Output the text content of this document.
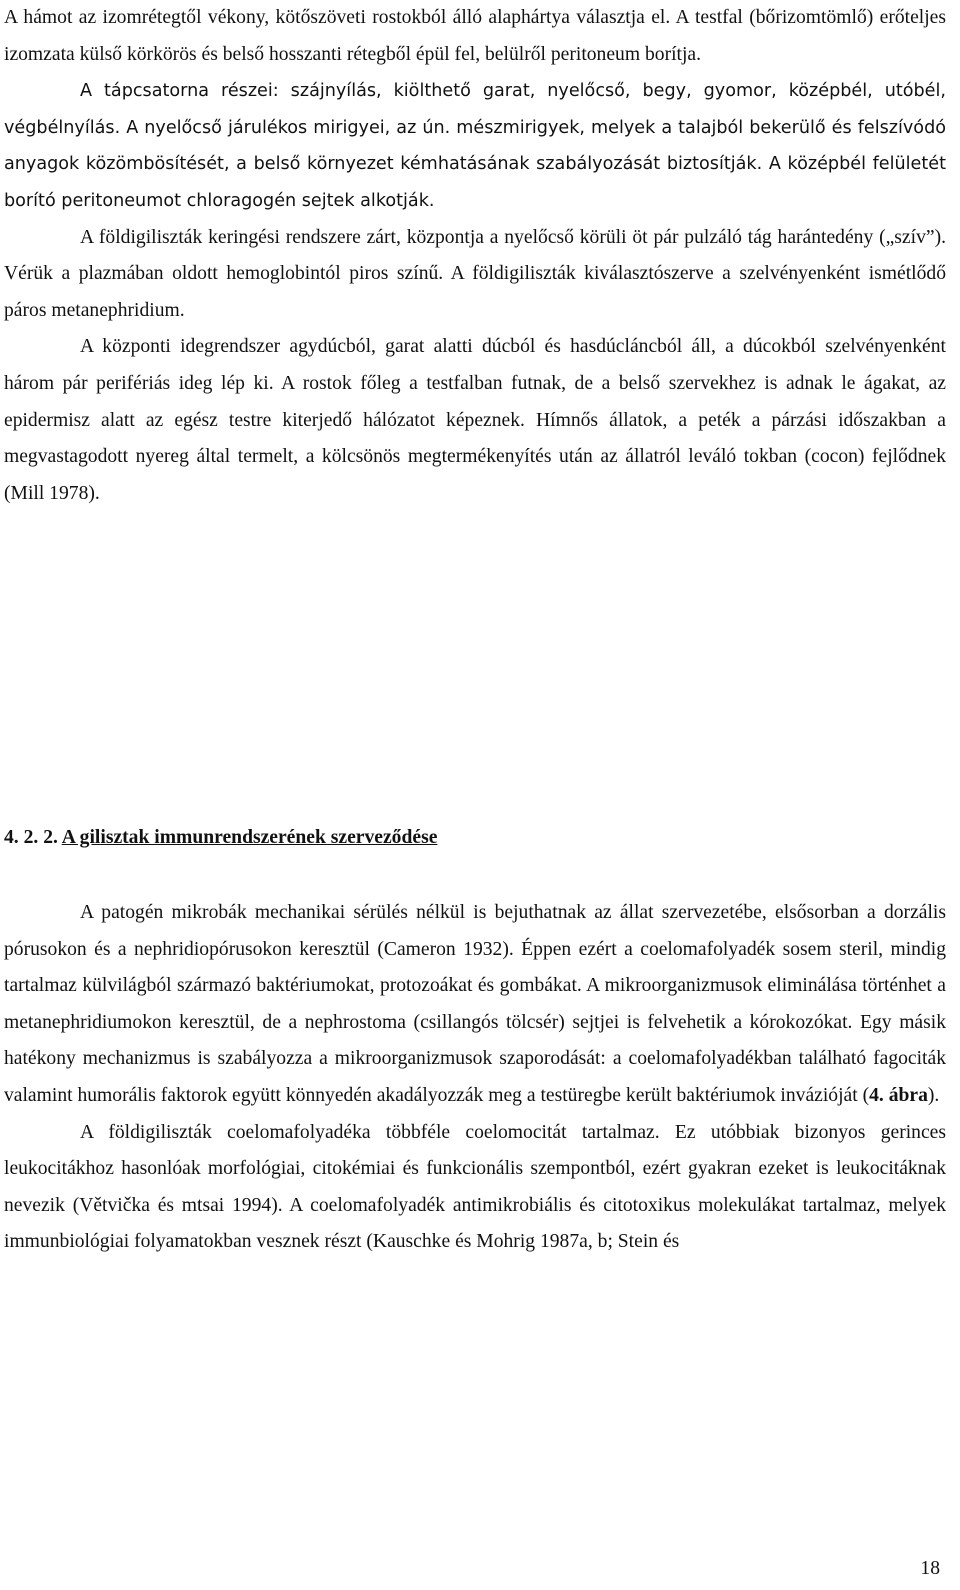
A hámot az izomrétegtől vékony, kötőszöveti rostokból álló alaphártya választja el. A testfal (bőrizomtömlő) erőteljes izomzata külső körkörös és belső hosszanti rétegből épül fel, belülről peritoneum borítja.

A tápcsatorna részei: szájnyílás, kiölthető garat, nyelőcső, begy, gyomor, középbél, utóbél, végbélnyílás. A nyelőcső járulékos mirigyei, az ún. mészmirigyek, melyek a talajból bekerülő és felszívódó anyagok közömbösítését, a belső környezet kémhatásának szabályozását biztosítják. A középbél felületét borító peritoneumot chloragogén sejtek alkotják.

A földigiliszták keringési rendszere zárt, központja a nyelőcső körüli öt pár pulzáló tág harántedény („szív”). Vérük a plazmában oldott hemoglobintól piros színű. A földigiliszták kiválasztószerve a szelvényenként ismétlődő páros metanephridium.

A központi idegrendszer agydúcból, garat alatti dúcból és hasdúcláncból áll, a dúcokból szelvényenként három pár perifériás ideg lép ki. A rostok főleg a testfalban futnak, de a belső szervekhez is adnak le ágakat, az epidermisz alatt az egész testre kiterjedő hálózatot képeznek. Hímnős állatok, a peték a párzási időszakban a megvastagodott nyereg által termelt, a kölcsönös megtermékenyítés után az állatról leváló tokban (cocon) fejlődnek (Mill 1978).

4. 2. 2. A gilisztak immunrendszerének szerveződése

A patogén mikrobák mechanikai sérülés nélkül is bejuthatnak az állat szervezetébe, elsősorban a dorzális pórusokon és a nephridiopórusokon keresztül (Cameron 1932). Éppen ezért a coelomafolyadék sosem steril, mindig tartalmaz külvilágból származó baktériumokat, protozoákat és gombákat. A mikroorganizmusok eliminálása történhet a metanephridiumokon keresztül, de a nephrostoma (csillangós tölcsér) sejtjei is felvehetik a kórokozókat. Egy másik hatékony mechanizmus is szabályozza a mikroorganizmusok szaporodását: a coelomafolyadékban található fagociták valamint humorális faktorok együtt könnyedén akadályozzák meg a testüregbe került baktériumok invázióját (4. ábra).

A földigiliszták coelomafolyadéka többféle coelomocitát tartalmaz. Ez utóbbiak bizonyos gerinces leukocitákhoz hasonlóak morfológiai, citokémiai és funkcionális szempontból, ezért gyakran ezeket is leukocitáknak nevezik (Větvička és mtsai 1994). A coelomafolyadék antimikrobiális és citotoxikus molekulákat tartalmaz, melyek immunbiológiai folyamatokban vesznek részt (Kauschke és Mohrig 1987a, b; Stein és

18
